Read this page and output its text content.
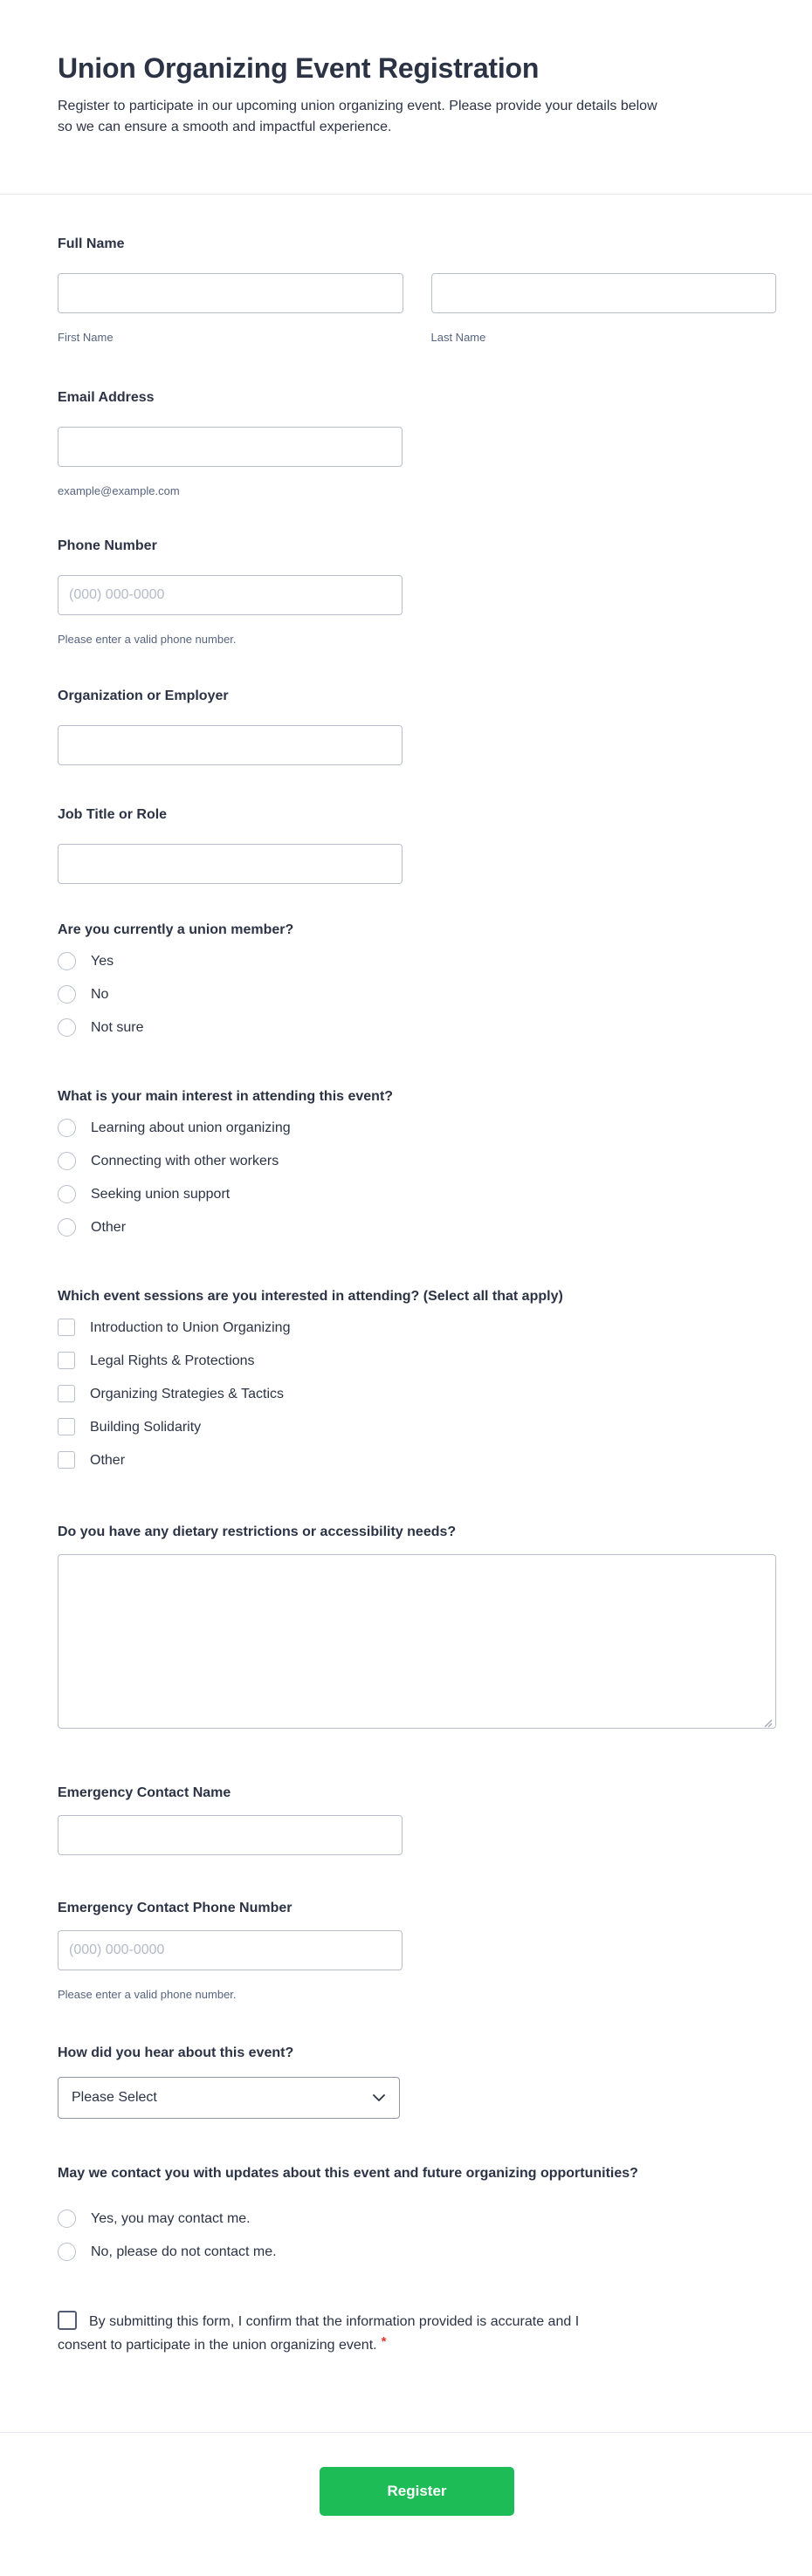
Union Organizing Event Registration

Register to participate in our upcoming union organizing event. Please provide your details below so we can ensure a smooth and impactful experience.

Full Name
First Name	Last Name
Email Address
example@example.com
Phone Number
(000) 000-0000
Please enter a valid phone number.
Organization or Employer
Job Title or Role
Are you currently a union member?
Yes
No
Not sure
What is your main interest in attending this event?
Learning about union organizing
Connecting with other workers
Seeking union support
Other
Which event sessions are you interested in attending? (Select all that apply)
Introduction to Union Organizing
Legal Rights & Protections
Organizing Strategies & Tactics
Building Solidarity
Other
Do you have any dietary restrictions or accessibility needs?
Emergency Contact Name
Emergency Contact Phone Number
(000) 000-0000
Please enter a valid phone number.
How did you hear about this event?
Please Select
May we contact you with updates about this event and future organizing opportunities?
Yes, you may contact me.
No, please do not contact me.
By submitting this form, I confirm that the information provided is accurate and I consent to participate in the union organizing event. *
Register
